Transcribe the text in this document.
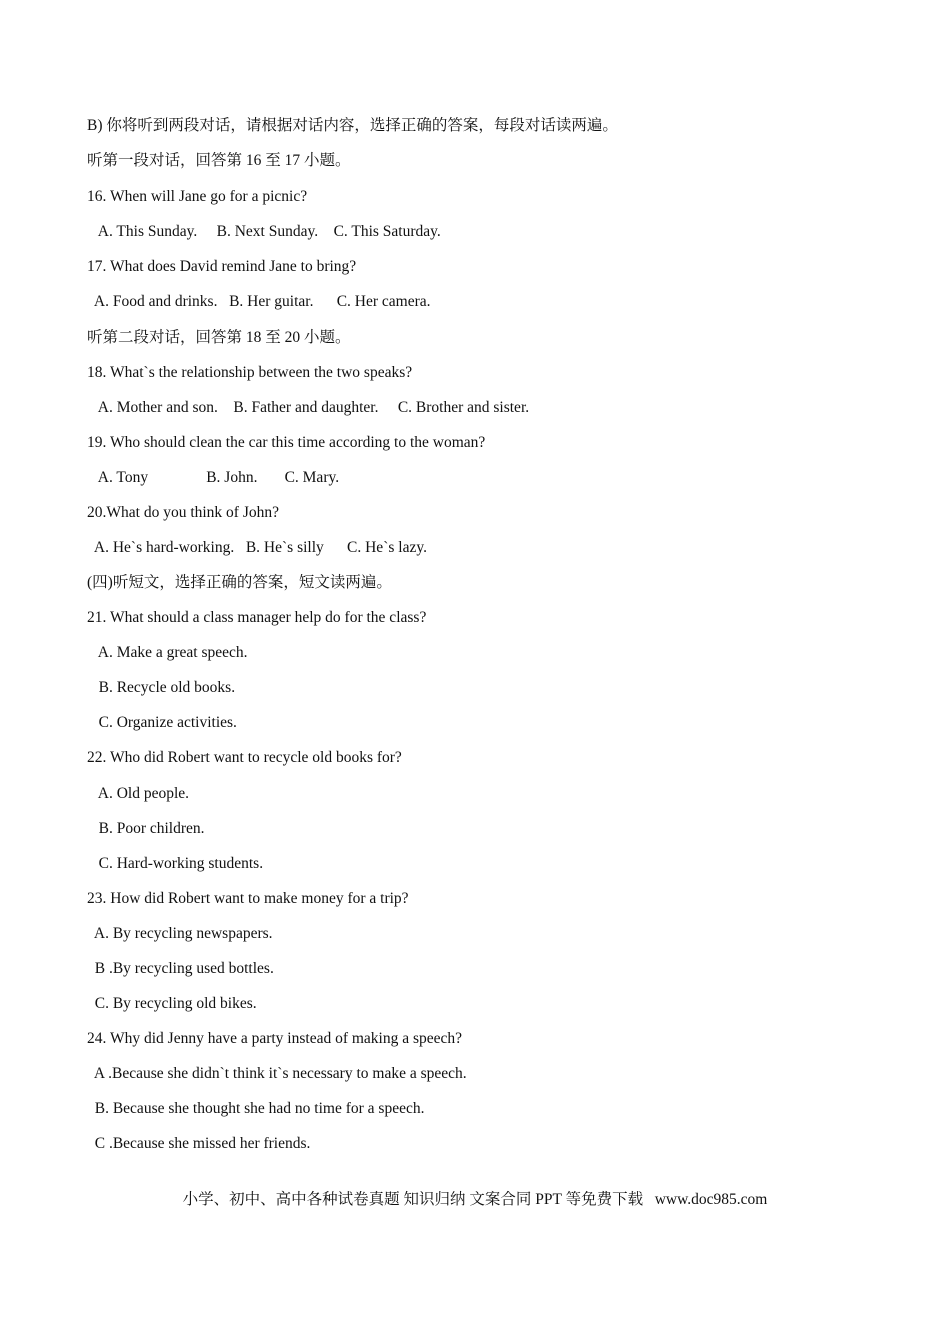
B) 你将听到两段对话，请根据对话内容，选择正确的答案，每段对话读两遍。
听第一段对话，回答第 16 至 17 小题。
16. When will Jane go for a picnic?
A. This Sunday.     B. Next Sunday.    C. This Saturday.
17. What does David remind Jane to bring?
A. Food and drinks.   B. Her guitar.      C. Her camera.
听第二段对话，回答第 18 至 20 小题。
18. What`s the relationship between the two speaks?
A. Mother and son.    B. Father and daughter.     C. Brother and sister.
19. Who should clean the car this time according to the woman?
A. Tony               B. John.       C. Mary.
20.What do you think of John?
A. He`s hard-working.   B. He`s silly      C. He`s lazy.
(四)听短文，选择正确的答案，短文读两遍。
21. What should a class manager help do for the class?
A. Make a great speech.
B. Recycle old books.
C. Organize activities.
22. Who did Robert want to recycle old books for?
A. Old people.
B. Poor children.
C. Hard-working students.
23. How did Robert want to make money for a trip?
A. By recycling newspapers.
B .By recycling used bottles.
C. By recycling old bikes.
24. Why did Jenny have a party instead of making a speech?
A .Because she didn`t think it`s necessary to make a speech.
B. Because she thought she had no time for a speech.
C .Because she missed her friends.
小学、初中、高中各种试卷真题 知识归纳 文案合同 PPT 等免费下载   www.doc985.com
